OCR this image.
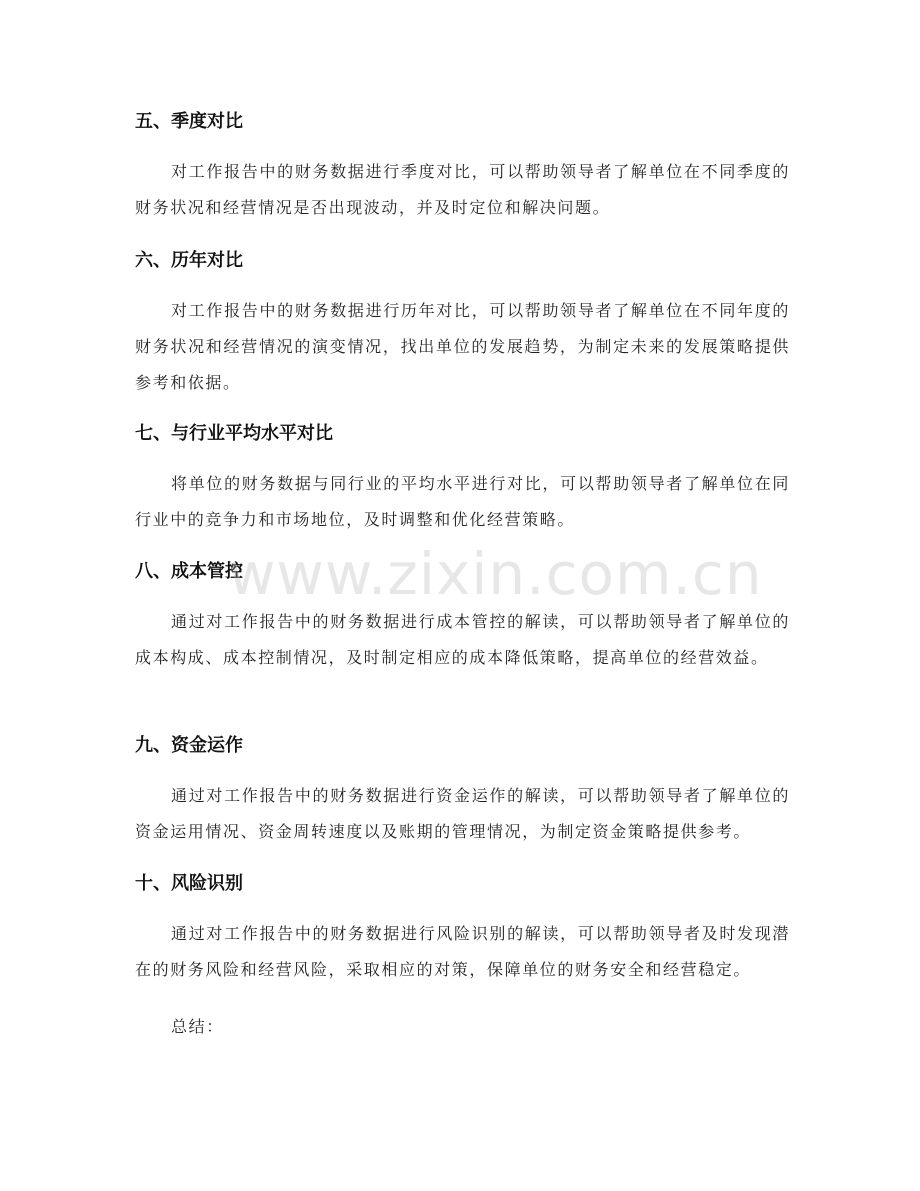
五、季度对比

对工作报告中的财务数据进行季度对比，可以帮助领导者了解单位在不同季度的财务状况和经营情况是否出现波动，并及时定位和解决问题。

六、历年对比

对工作报告中的财务数据进行历年对比，可以帮助领导者了解单位在不同年度的财务状况和经营情况的演变情况，找出单位的发展趋势，为制定未来的发展策略提供参考和依据。

七、与行业平均水平对比

将单位的财务数据与同行业的平均水平进行对比，可以帮助领导者了解单位在同行业中的竞争力和市场地位，及时调整和优化经营策略。

八、成本管控

通过对工作报告中的财务数据进行成本管控的解读，可以帮助领导者了解单位的成本构成、成本控制情况，及时制定相应的成本降低策略，提高单位的经营效益。

九、资金运作

通过对工作报告中的财务数据进行资金运作的解读，可以帮助领导者了解单位的资金运用情况、资金周转速度以及账期的管理情况，为制定资金策略提供参考。

十、风险识别

通过对工作报告中的财务数据进行风险识别的解读，可以帮助领导者及时发现潜在的财务风险和经营风险，采取相应的对策，保障单位的财务安全和经营稳定。

总结：
www.zixin.com.cn
